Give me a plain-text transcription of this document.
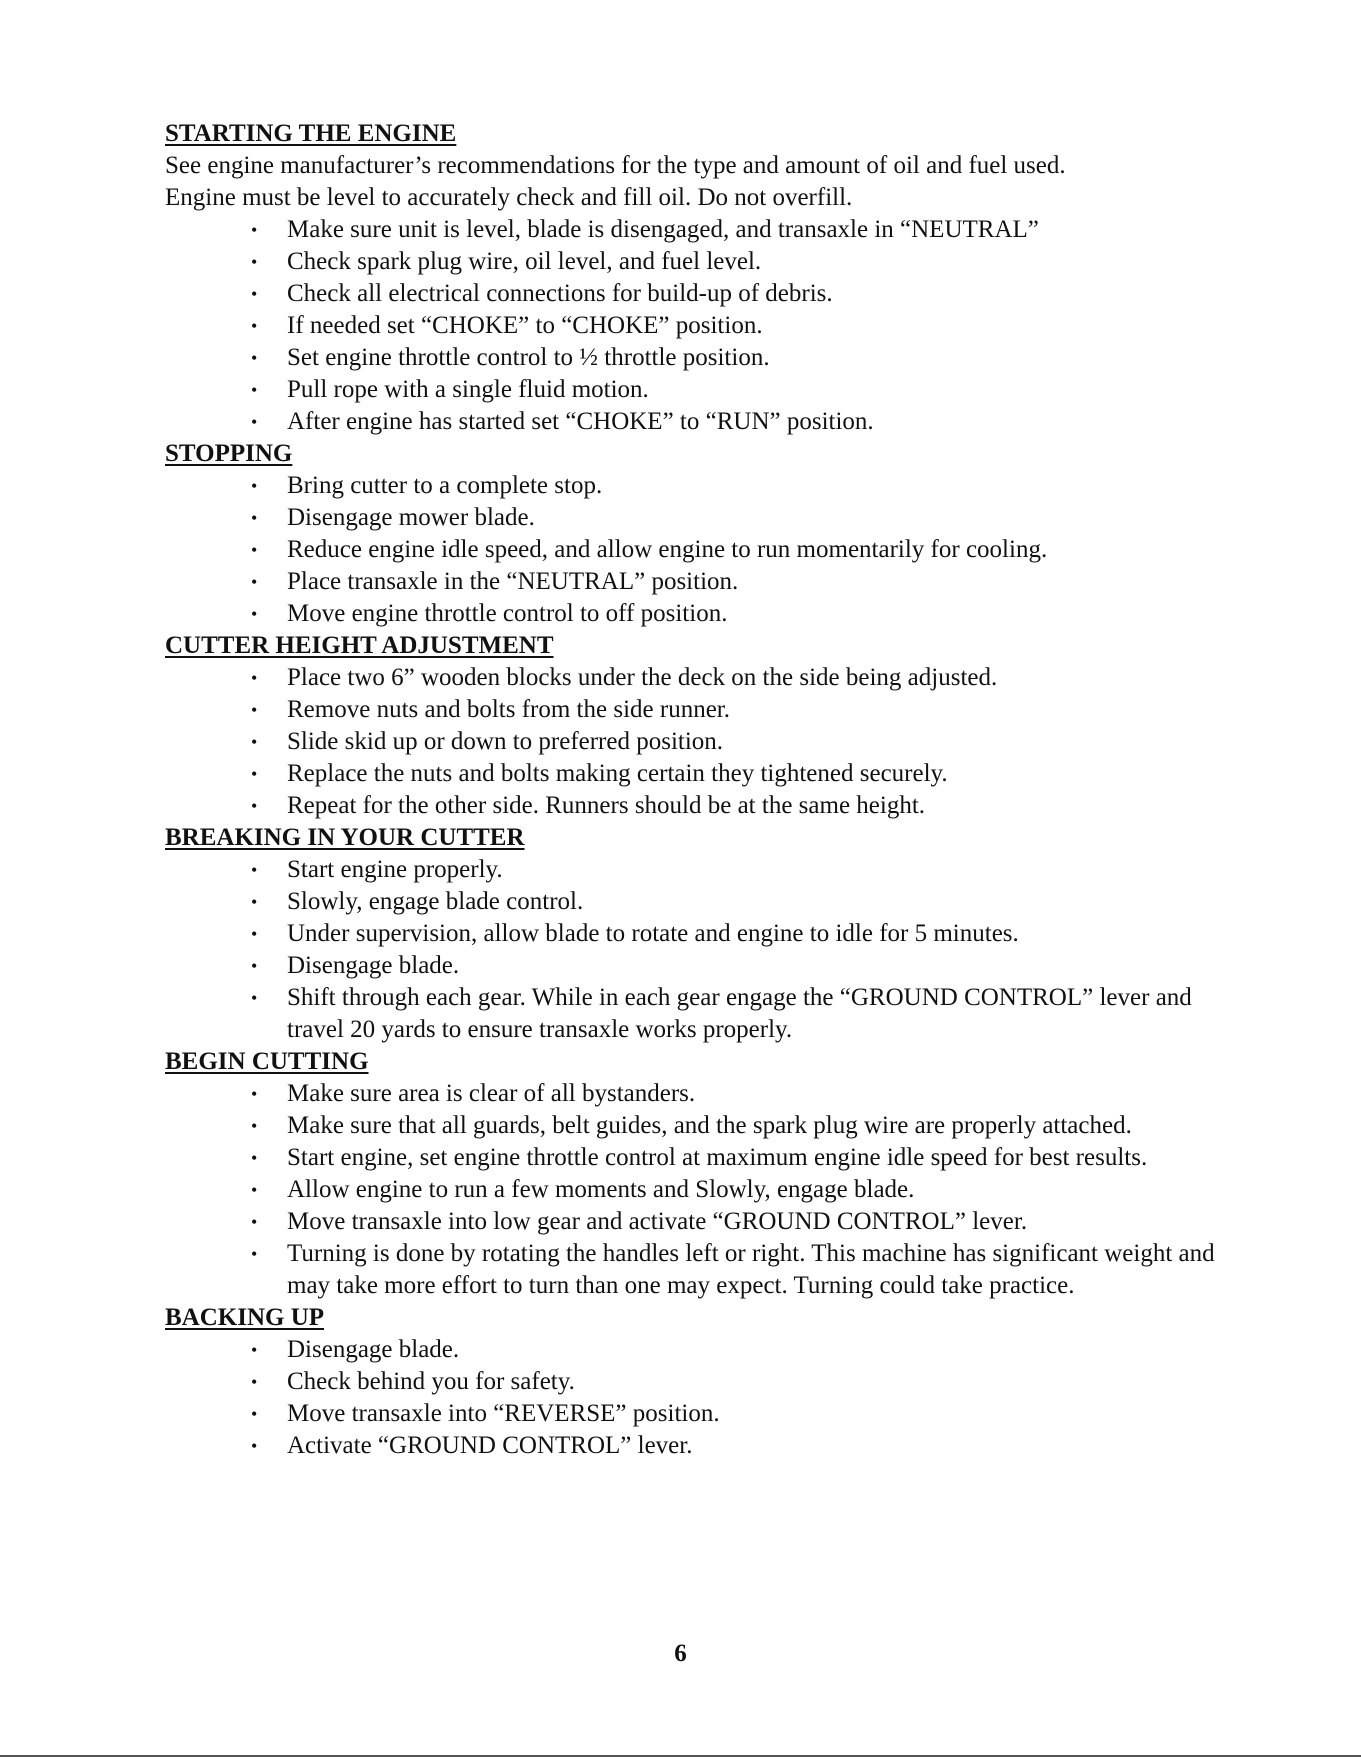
STARTING THE ENGINE

See engine manufacturer’s recommendations for the type and amount of oil and fuel used.

Engine must be level to accurately check and fill oil. Do not overfill.

• Make sure unit is level, blade is disengaged, and transaxle in “NEUTRAL”
• Check spark plug wire, oil level, and fuel level.
• Check all electrical connections for build-up of debris.
• If needed set “CHOKE” to “CHOKE” position.
• Set engine throttle control to ½ throttle position.
• Pull rope with a single fluid motion.
• After engine has started set “CHOKE” to “RUN” position.

STOPPING

• Bring cutter to a complete stop.
• Disengage mower blade.
• Reduce engine idle speed, and allow engine to run momentarily for cooling.
• Place transaxle in the “NEUTRAL” position.
• Move engine throttle control to off position.

CUTTER HEIGHT ADJUSTMENT

• Place two 6” wooden blocks under the deck on the side being adjusted.
• Remove nuts and bolts from the side runner.
• Slide skid up or down to preferred position.
• Replace the nuts and bolts making certain they tightened securely.
• Repeat for the other side. Runners should be at the same height.

BREAKING IN YOUR CUTTER

• Start engine properly.
• Slowly, engage blade control.
• Under supervision, allow blade to rotate and engine to idle for 5 minutes.
• Disengage blade.
• Shift through each gear. While in each gear engage the “GROUND CONTROL” lever and travel 20 yards to ensure transaxle works properly.

BEGIN CUTTING

• Make sure area is clear of all bystanders.
• Make sure that all guards, belt guides, and the spark plug wire are properly attached.
• Start engine, set engine throttle control at maximum engine idle speed for best results.
• Allow engine to run a few moments and Slowly, engage blade.
• Move transaxle into low gear and activate “GROUND CONTROL” lever.
• Turning is done by rotating the handles left or right. This machine has significant weight and may take more effort to turn than one may expect. Turning could take practice.

BACKING UP

• Disengage blade.
• Check behind you for safety.
• Move transaxle into “REVERSE” position.
• Activate “GROUND CONTROL” lever.
6
